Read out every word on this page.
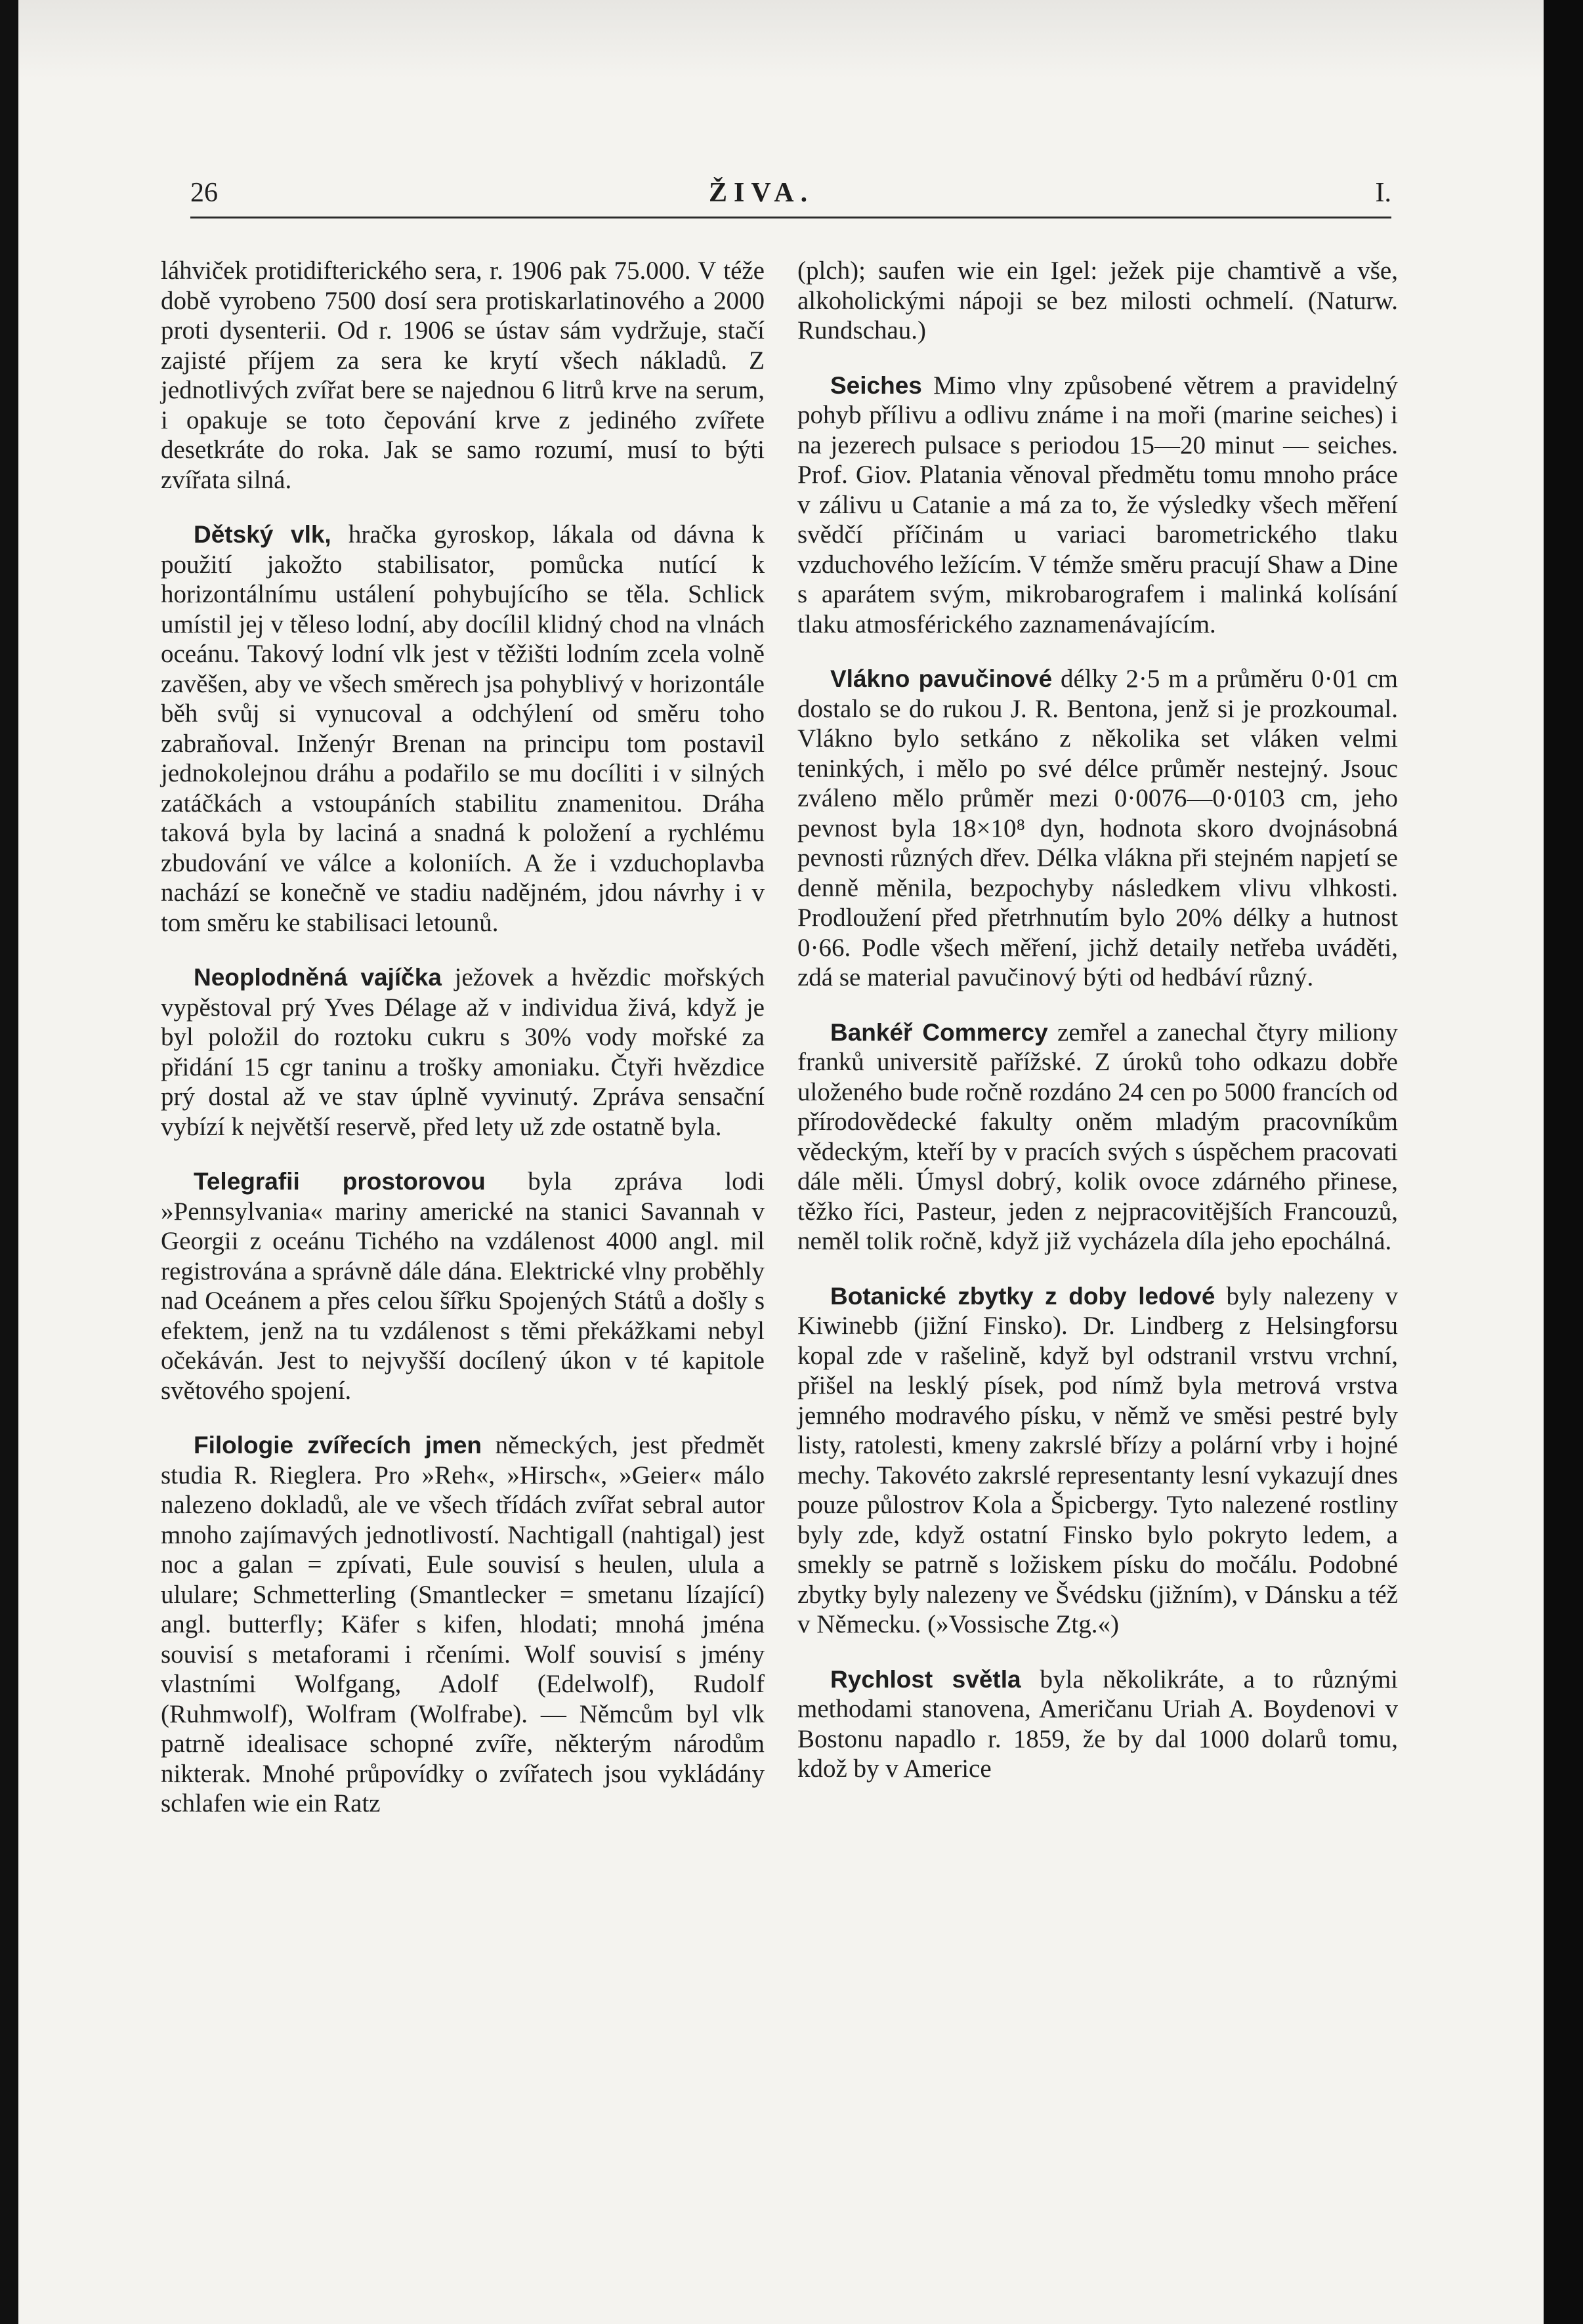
26	ŽIVA.	I.

láhviček protidifterického sera, r. 1906 pak 75.000. V téže době vyrobeno 7500 dosí sera protiskarlatinového a 2000 proti dysenterii. Od r. 1906 se ústav sám vydržuje, stačí zajisté příjem za sera ke krytí všech nákladů. Z jednotlivých zvířat bere se najednou 6 litrů krve na serum, i opakuje se toto čepování krve z jediného zvířete desetkráte do roka. Jak se samo rozumí, musí to býti zvířata silná.

Dětský vlk, hračka gyroskop, lákala od dávna k použití jakožto stabilisator, pomůcka nutící k horizontálnímu ustálení pohybujícího se těla. Schlick umístil jej v těleso lodní, aby docílil klidný chod na vlnách oceánu. Takový lodní vlk jest v těžišti lodním zcela volně zavěšen, aby ve všech směrech jsa pohyblivý v horizontále běh svůj si vynucoval a odchýlení od směru toho zabraňoval. Inženýr Brenan na principu tom postavil jednokolejnou dráhu a podařilo se mu docíliti i v silných zatáčkách a vstoupáních stabilitu znamenitou. Dráha taková byla by laciná a snadná k položení a rychlému zbudování ve válce a koloniích. A že i vzduchoplavba nachází se konečně ve stadiu nadějném, jdou návrhy i v tom směru ke stabilisaci letounů.

Neoplodněná vajíčka ježovek a hvězdic mořských vypěstoval prý Yves Délage až v individua živá, když je byl položil do roztoku cukru s 30% vody mořské za přidání 15 cgr taninu a trošky amoniaku. Čtyři hvězdice prý dostal až ve stav úplně vyvinutý. Zpráva sensační vybízí k největší reservě, před lety už zde ostatně byla.

Telegrafii prostorovou byla zpráva lodi »Pennsylvania« mariny americké na stanici Savannah v Georgii z oceánu Tichého na vzdálenost 4000 angl. mil registrována a správně dále dána. Elektrické vlny proběhly nad Oceánem a přes celou šířku Spojených Států a došly s efektem, jenž na tu vzdálenost s těmi překážkami nebyl očekáván. Jest to nejvyšší docílený úkon v té kapitole světového spojení.

Filologie zvířecích jmen německých, jest předmět studia R. Rieglera. Pro »Reh«, »Hirsch«, »Geier« málo nalezeno dokladů, ale ve všech třídách zvířat sebral autor mnoho zajímavých jednotlivostí. Nachtigall (nahtigal) jest noc a galan = zpívati, Eule souvisí s heulen, ulula a ululare; Schmetterling (Smantlecker = smetanu lízající) angl. butterfly; Käfer s kifen, hlodati; mnohá jména souvisí s metaforami i rčeními. Wolf souvisí s jmény vlastními Wolfgang, Adolf (Edelwolf), Rudolf (Ruhmwolf), Wolfram (Wolfrabe). — Němcům byl vlk patrně idealisace schopné zvíře, některým národům nikterak. Mnohé průpovídky o zvířatech jsou vykládány schlafen wie ein Ratz

(plch); saufen wie ein Igel: ježek pije chamtivě a vše, alkoholickými nápoji se bez milosti ochmelí. (Naturw. Rundschau.)

Seiches Mimo vlny způsobené větrem a pravidelný pohyb přílivu a odlivu známe i na moři (marine seiches) i na jezerech pulsace s periodou 15—20 minut — seiches. Prof. Giov. Platania věnoval předmětu tomu mnoho práce v zálivu u Catanie a má za to, že výsledky všech měření svědčí příčinám u variaci barometrického tlaku vzduchového ležícím. V témže směru pracují Shaw a Dine s aparátem svým, mikrobarografem i malinká kolísání tlaku atmosférického zaznamenávajícím.

Vlákno pavučinové délky 2·5 m a průměru 0·01 cm dostalo se do rukou J. R. Bentona, jenž si je prozkoumal. Vlákno bylo setkáno z několika set vláken velmi teninkých, i mělo po své délce průměr nestejný. Jsouc zváleno mělo průměr mezi 0·0076—0·0103 cm, jeho pevnost byla 18×10⁸ dyn, hodnota skoro dvojnásobná pevnosti různých dřev. Délka vlákna při stejném napjetí se denně měnila, bezpochyby následkem vlivu vlhkosti. Prodloužení před přetrhnutím bylo 20% délky a hutnost 0·66. Podle všech měření, jichž detaily netřeba uváděti, zdá se material pavučinový býti od hedbáví různý.

Bankéř Commercy zemřel a zanechal čtyry miliony franků universitě pařížské. Z úroků toho odkazu dobře uloženého bude ročně rozdáno 24 cen po 5000 francích od přírodovědecké fakulty oněm mladým pracovníkům vědeckým, kteří by v pracích svých s úspěchem pracovati dále měli. Úmysl dobrý, kolik ovoce zdárného přinese, těžko říci, Pasteur, jeden z nejpracovitějších Francouzů, neměl tolik ročně, když již vycházela díla jeho epochálná.

Botanické zbytky z doby ledové byly nalezeny v Kiwinebb (jižní Finsko). Dr. Lindberg z Helsingforsu kopal zde v rašelině, když byl odstranil vrstvu vrchní, přišel na lesklý písek, pod nímž byla metrová vrstva jemného modravého písku, v němž ve směsi pestré byly listy, ratolesti, kmeny zakrslé břízy a polární vrby i hojné mechy. Takovéto zakrslé representanty lesní vykazují dnes pouze půlostrov Kola a Špicbergy. Tyto nalezené rostliny byly zde, když ostatní Finsko bylo pokryto ledem, a smekly se patrně s ložiskem písku do močálu. Podobné zbytky byly nalezeny ve Švédsku (jižním), v Dánsku a též v Německu. (»Vossische Ztg.«)

Rychlost světla byla několikráte, a to různými methodami stanovena, Američanu Uriah A. Boydenovi v Bostonu napadlo r. 1859, že by dal 1000 dolarů tomu, kdož by v Americe
